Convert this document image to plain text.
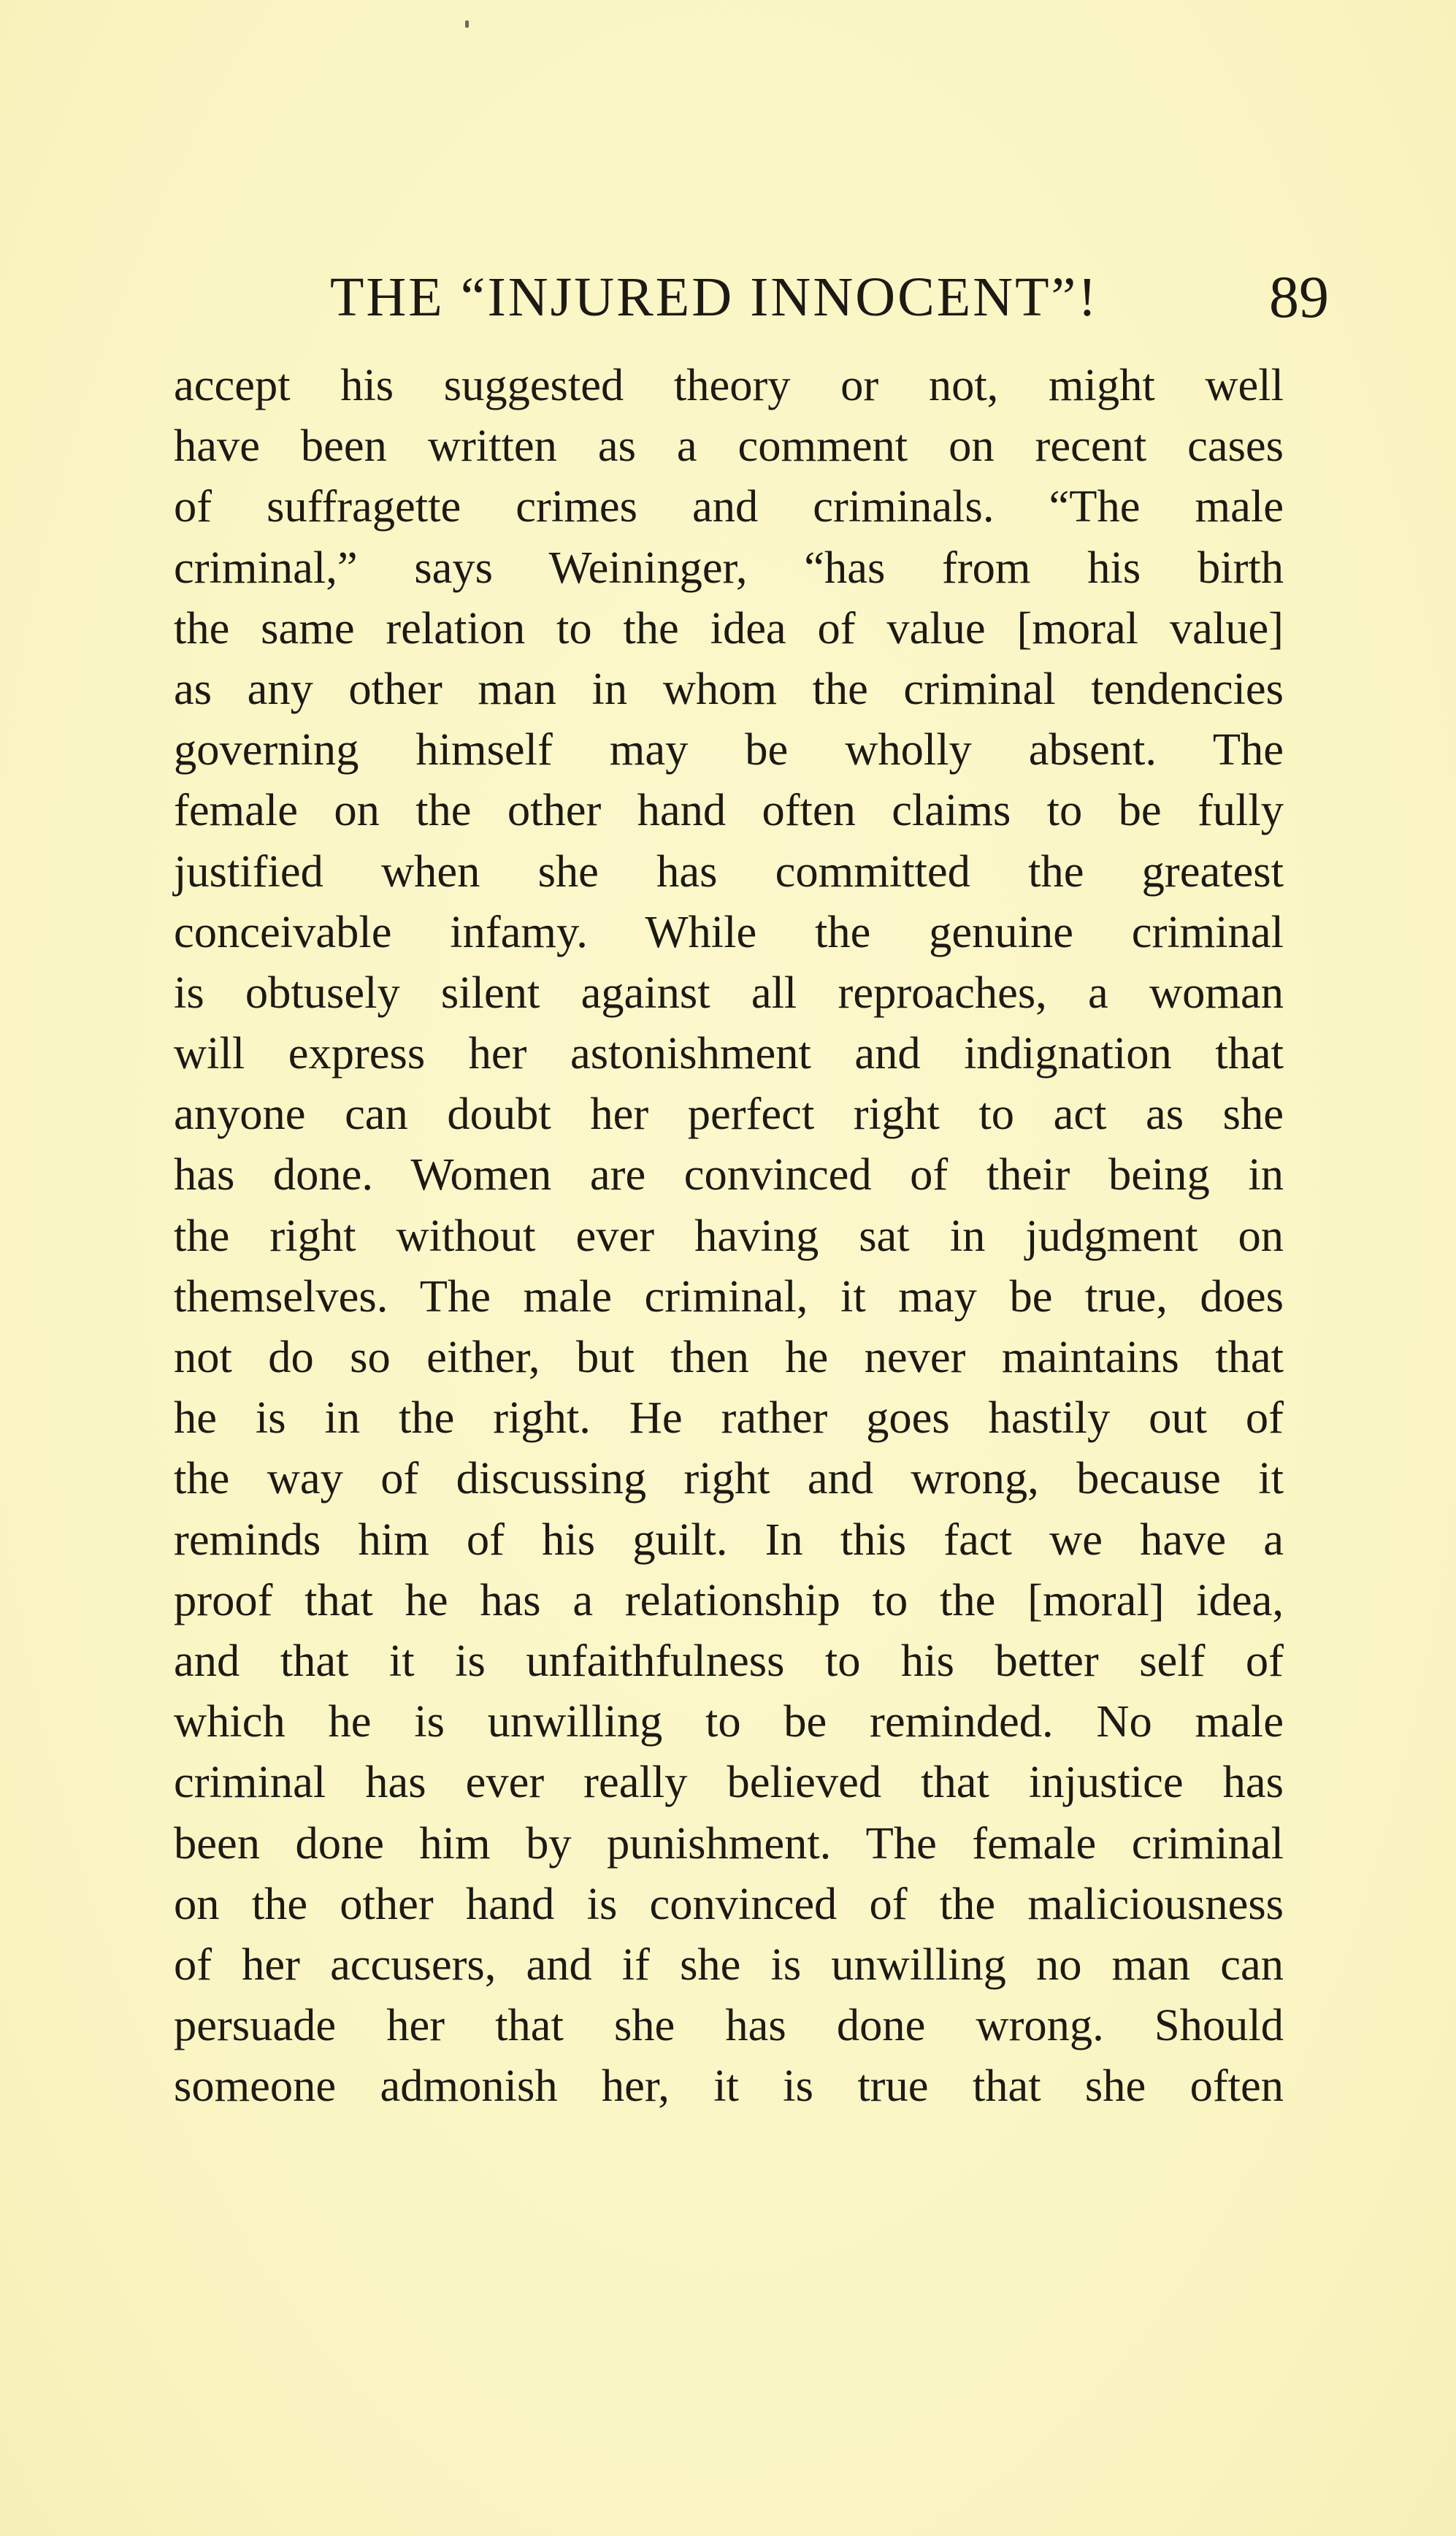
THE “INJURED INNOCENT”!	89
accept his suggested theory or not, might well
have been written as a comment on recent cases
of suffragette crimes and criminals. “The male
criminal,” says Weininger, “has from his birth
the same relation to the idea of value [moral value]
as any other man in whom the criminal tendencies
governing himself may be wholly absent. The
female on the other hand often claims to be fully
justified when she has committed the greatest
conceivable infamy. While the genuine criminal
is obtusely silent against all reproaches, a woman
will express her astonishment and indignation that
anyone can doubt her perfect right to act as she
has done. Women are convinced of their being in
the right without ever having sat in judgment on
themselves. The male criminal, it may be true, does
not do so either, but then he never maintains that
he is in the right. He rather goes hastily out of
the way of discussing right and wrong, because it
reminds him of his guilt. In this fact we have a
proof that he has a relationship to the [moral] idea,
and that it is unfaithfulness to his better self of
which he is unwilling to be reminded. No male
criminal has ever really believed that injustice has
been done him by punishment. The female criminal
on the other hand is convinced of the maliciousness
of her accusers, and if she is unwilling no man can
persuade her that she has done wrong. Should
someone admonish her, it is true that she often
